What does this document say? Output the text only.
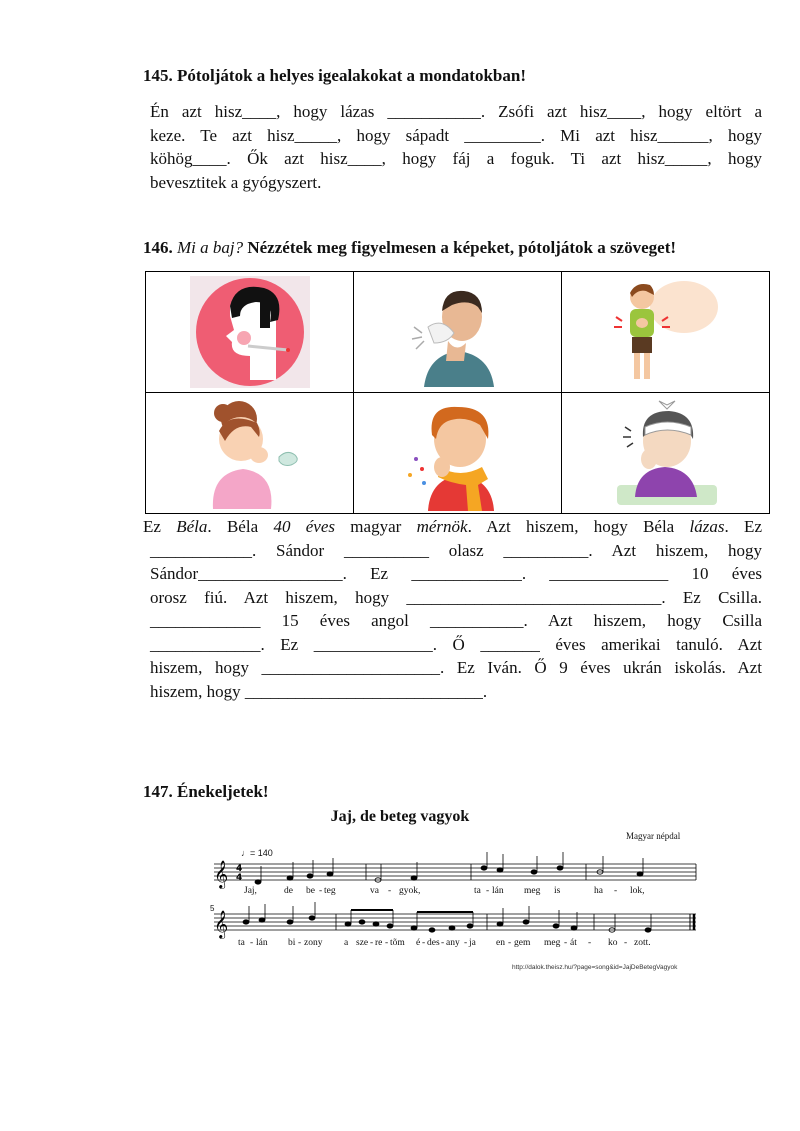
145. Pótoljátok a helyes igealakokat a mondatokban!
Én azt hisz____, hogy lázas ___________. Zsófi azt hisz____, hogy eltört a
keze. Te azt hisz_____, hogy sápadt _________. Mi azt hisz______, hogy
köhög____. Ők azt hisz____, hogy fáj a foguk. Ti azt hisz_____, hogy
bevesztitek a gyógyszert.
146. Mi a baj? Nézzétek meg figyelmesen a képeket, pótoljátok a szöveget!

Ez Béla. Béla 40 éves magyar mérnök. Azt hiszem, hogy Béla lázas. Ez
____________. Sándor __________ olasz __________. Azt hiszem, hogy
Sándor_________________. Ez _____________. ______________ 10 éves
orosz fiú. Azt hiszem, hogy ______________________________. Ez Csilla.
_____________ 15 éves angol ___________. Azt hiszem, hogy Csilla
_____________. Ez ______________. Ő _______ éves amerikai tanuló. Azt
hiszem, hogy _____________________. Ez Iván. Ő 9 éves ukrán iskolás. Azt
hiszem, hogy ____________________________.
147. Énekeljetek!
Jaj, de beteg vagyok
Magyar népdal
♩= 140
5
𝄞
𝄞
4
4
Jaj,	de be - teg	va - gyok,	ta - lán meg is	ha - lok,
ta - lán bi - zony a sze - re - tõm é - des - any - ja en - gem meg - át - ko - zott.
http://dalok.theisz.hu/?page=song&id=JajDeBetegVagyok
